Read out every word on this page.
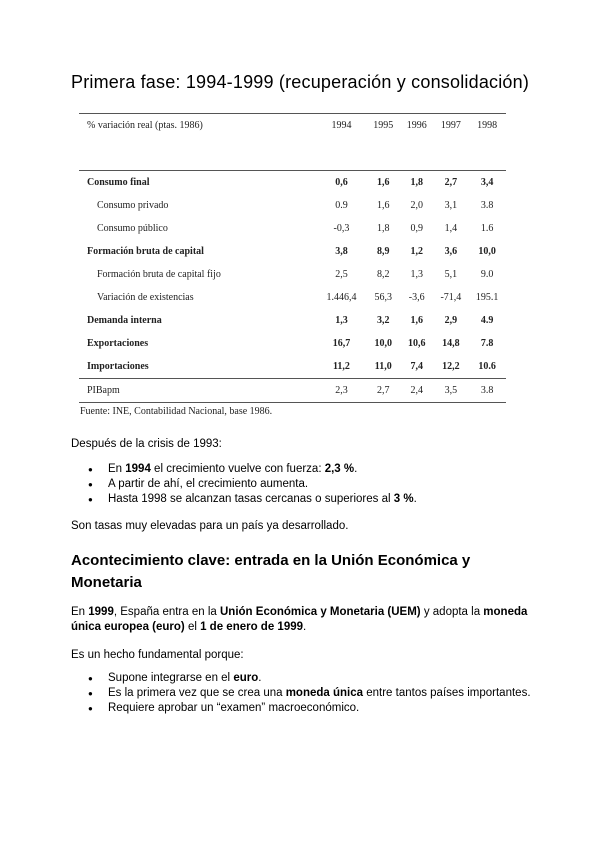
Primera fase: 1994-1999 (recuperación y consolidación)
% variación real (ptas. 1986)	1994	1995	1996	1997	1998

Consumo final	0,6	1,6	1,8	2,7	3,4
Consumo privado	0.9	1,6	2,0	3,1	3.8
Consumo público	-0,3	1,8	0,9	1,4	1.6
Formación bruta de capital	3,8	8,9	1,2	3,6	10,0
Formación bruta de capital fijo	2,5	8,2	1,3	5,1	9.0
Variación de existencias	1.446,4	56,3	-3,6	-71,4	195.1
Demanda interna	1,3	3,2	1,6	2,9	4.9
Exportaciones	16,7	10,0	10,6	14,8	7.8
Importaciones	11,2	11,0	7,4	12,2	10.6
PIBapm	2,3	2,7	2,4	3,5	3.8
Fuente: INE, Contabilidad Nacional, base 1986.
Después de la crisis de 1993:
● En 1994 el crecimiento vuelve con fuerza: 2,3 %.
● A partir de ahí, el crecimiento aumenta.
● Hasta 1998 se alcanzan tasas cercanas o superiores al 3 %.
Son tasas muy elevadas para un país ya desarrollado.
Acontecimiento clave: entrada en la Unión Económica y Monetaria
En 1999, España entra en la Unión Económica y Monetaria (UEM) y adopta la moneda única europea (euro) el 1 de enero de 1999.
Es un hecho fundamental porque:
● Supone integrarse en el euro.
● Es la primera vez que se crea una moneda única entre tantos países importantes.
● Requiere aprobar un “examen” macroeconómico.
